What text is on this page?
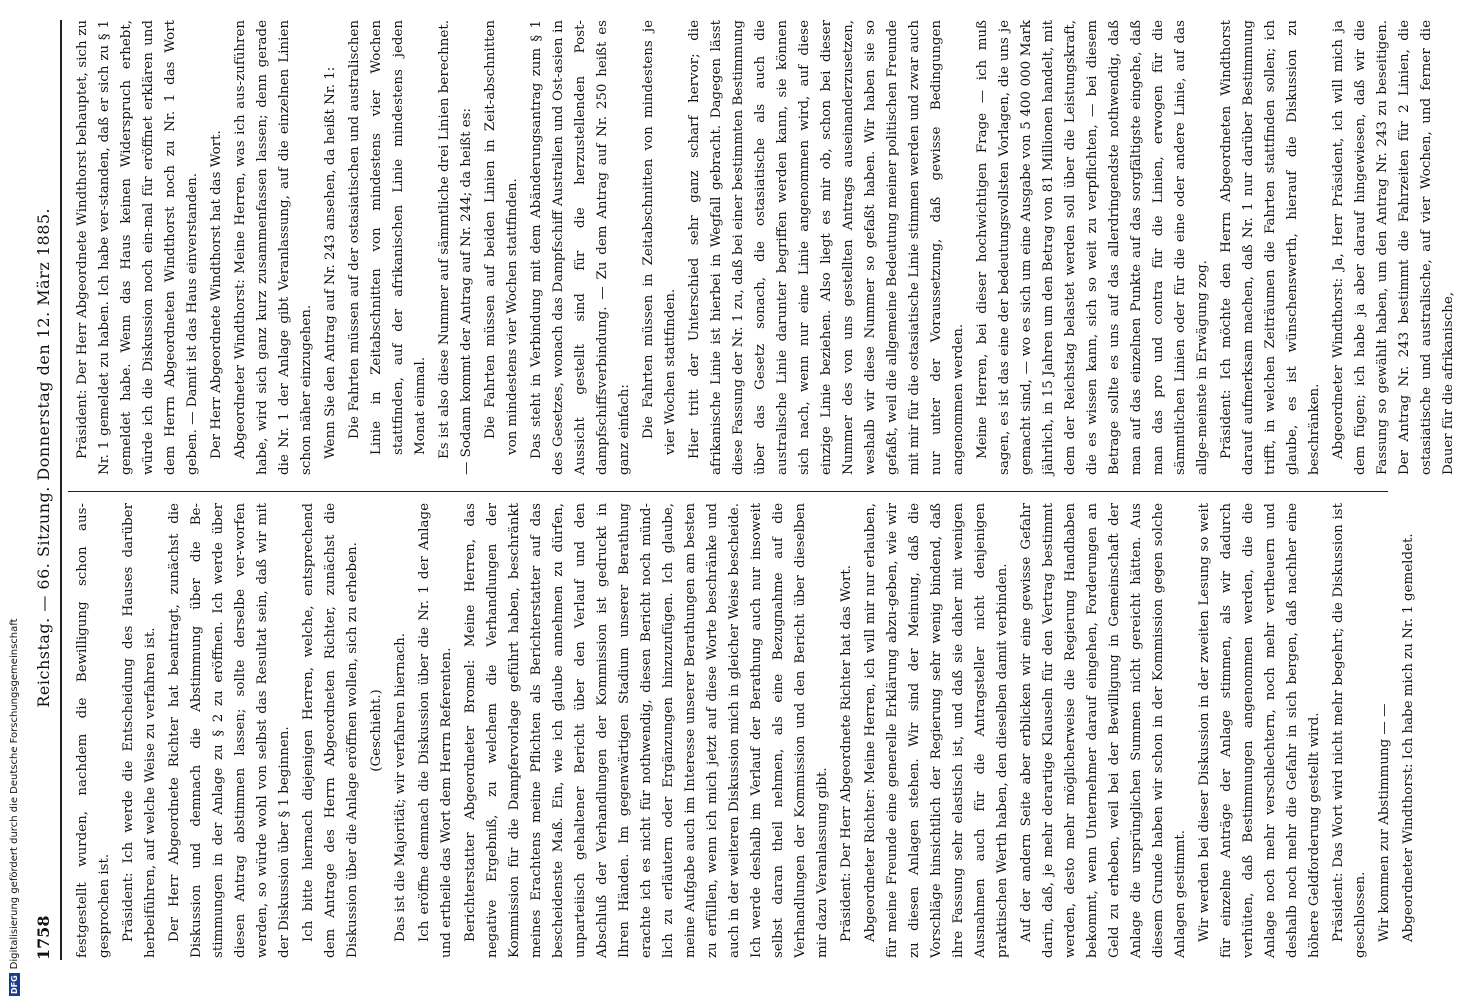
1758
Reichstag. — 66. Sitzung. Donnerstag den 12. März 1885.

festgestellt wurden, nachdem die Bewilligung schon aus-gesprochen ist. Präsident: Ich werde die Entscheidung des Hauses darüber herbeiführen, auf welche Weise zu verfahren ist. Der Herr Abgeordnete Richter hat beantragt, zunächst die Diskussion und demnach die Abstimmung über die Be-stimmungen in der Anlage zu § 2 zu eröffnen. Ich werde über diesen Antrag abstimmen lassen; sollte derselbe ver-worfen werden, so würde wohl von selbst das Resultat sein, daß wir mit der Diskussion über § 1 beginnen. Ich bitte hiernach diejenigen Herren, welche, entsprechend dem Antrage des Herrn Abgeordneten Richter, zunächst die Diskussion über die Anlage eröffnen wollen, sich zu erheben. (Geschieht.) Das ist die Majorität; wir verfahren hiernach. Ich eröffne demnach die Diskussion über die Nr. 1 der Anlage und ertheile das Wort dem Herrn Referenten. Berichterstatter Abgeordneter Bromel: Meine Herren, das negative Ergebniß, zu welchem die Verhandlungen der Kommission für die Dampfervorlage geführt haben, beschränkt meines Erachtens meine Pflichten als Berichterstatter auf das bescheidenste Maß. Ein, wie ich glaube annehmen zu dürfen, unparteiisch gehaltener Bericht über den Verlauf und den Abschluß der Verhandlungen der Kommission ist gedruckt in Ihren Händen. Im gegenwärtigen Stadium unserer Berathung erachte ich es nicht für nothwendig, diesen Bericht noch münd-lich zu erläutern oder Ergänzungen hinzuzufügen. Ich glaube, meine Aufgabe auch im Interesse unserer Berathungen am besten zu erfüllen, wenn ich mich jetzt auf diese Worte beschränke und auch in der weiteren Diskussion mich in gleicher Weise bescheide. Ich werde deshalb im Verlauf der Berathung auch nur insoweit selbst daran theil nehmen, als eine Bezugnahme auf die Verhandlungen der Kommission und den Bericht über dieselben mir dazu Veranlassung gibt. Präsident: Der Herr Abgeordnete Richter hat das Wort. Abgeordneter Richter: Meine Herren, ich will mir nur erlauben, für meine Freunde eine generelle Erklärung abzu-geben, wie wir zu diesen Anlagen stehen. Wir sind der Meinung, daß die Vorschläge hinsichtlich der Regierung sehr wenig bindend, daß ihre Fassung sehr elastisch ist, und daß sie daher mit wenigen Ausnahmen auch für die Antragsteller nicht denjenigen praktischen Werth haben, den dieselben damit verbinden. Auf der andern Seite aber erblicken wir eine gewisse Gefahr darin, daß, je mehr derartige Klauseln für den Vertrag bestimmt werden, desto mehr möglicherweise die Regierung Handhaben bekommt, wenn Unternehmer darauf eingehen, Forderungen an Geld zu erheben, weil bei der Bewilligung in Gemeinschaft der Anlage die ursprünglichen Summen nicht gereicht hätten. Aus diesem Grunde haben wir schon in der Kommission gegen solche Anlagen gestimmt. Wir werden bei dieser Diskussion in der zweiten Lesung so weit für einzelne Anträge der Anlage stimmen, als wir dadurch verhüten, daß Bestimmungen angenommen werden, die die Anlage noch mehr verschlechtern, noch mehr vertheuern und deshalb noch mehr die Gefahr in sich bergen, daß nachher eine höhere Geldforderung gestellt wird. Präsident: Das Wort wird nicht mehr begehrt; die Diskussion ist geschlossen. Wir kommen zur Abstimmung — — Abgeordneter Windthorst: Ich habe mich zu Nr. 1 gemeldet.

Präsident: Der Herr Abgeordnete Windthorst behauptet, sich zu Nr. 1 gemeldet zu haben. Ich habe ver-standen, daß er sich zu § 1 gemeldet habe. Wenn das Haus keinen Widerspruch erhebt, würde ich die Diskussion noch ein-mal für eröffnet erklären und dem Herrn Abgeordneten Windthorst noch zu Nr. 1 das Wort geben. — Damit ist das Haus einverstanden. Der Herr Abgeordnete Windthorst hat das Wort. Abgeordneter Windthorst: Meine Herren, was ich aus-zuführen habe, wird sich ganz kurz zusammenfassen lassen; denn gerade die Nr. 1 der Anlage gibt Veranlassung, auf die einzelnen Linien schon näher einzugehen. Wenn Sie den Antrag auf Nr. 243 ansehen, da heißt Nr. 1: Die Fahrten müssen auf der ostasiatischen und australischen Linie in Zeitabschnitten von mindestens vier Wochen stattfinden, auf der afrikanischen Linie mindestens jeden Monat einmal. Es ist also diese Nummer auf sämmtliche drei Linien berechnet. — Sodann kommt der Antrag auf Nr. 244; da heißt es: Die Fahrten müssen auf beiden Linien in Zeit-abschnitten von mindestens vier Wochen stattfinden. Das steht in Verbindung mit dem Abänderungsantrag zum § 1 des Gesetzes, wonach das Dampfschiff Australien und Ost-asien in Aussicht gestellt sind für die herzustellenden Post-dampfschiffsverbindung. — Zu dem Antrag auf Nr. 250 heißt es ganz einfach: Die Fahrten müssen in Zeitabschnitten von mindestens je vier Wochen stattfinden. Hier tritt der Unterschied sehr ganz scharf hervor; die afrikanische Linie ist hierbei in Wegfall gebracht. Dagegen lässt diese Fassung der Nr. 1 zu, daß bei einer bestimmten Bestimmung über das Gesetz sonach, die ostasiatische als auch die australische Linie darunter begriffen werden kann, sie können sich nach, wenn nur eine Linie angenommen wird, auf diese einzige Linie beziehen. Also liegt es mir ob, schon bei dieser Nummer des von uns gestellten Antrags auseinanderzusetzen, weshalb wir diese Nummer so gefaßt haben. Wir haben sie so gefaßt, weil die allgemeine Bedeutung meiner politischen Freunde mit mir für die ostasiatische Linie stimmen werden und zwar auch nur unter der Voraussetzung, daß gewisse Bedingungen angenommen werden. Meine Herren, bei dieser hochwichtigen Frage — ich muß sagen, es ist das eine der bedeutungsvollsten Vorlagen, die uns je gemacht sind, — wo es sich um eine Ausgabe von 5 400 000 Mark jährlich, in 15 Jahren um den Betrag von 81 Millionen handelt, mit dem der Reichstag belastet werden soll über die Leistungskraft, die es wissen kann, sich so weit zu verpflichten, — bei diesem Betrage sollte es uns auf das allerdringendste nothwendig, daß man auf das einzelnen Punkte auf das sorgfältigste eingehe, daß man das pro und contra für die Linien, erwogen für die sämmtlichen Linien oder für die eine oder andere Linie, auf das allge-meinste in Erwägung zog. Präsident: Ich möchte den Herrn Abgeordneten Windthorst darauf aufmerksam machen, daß Nr. 1 nur darüber Bestimmung trifft, in welchen Zeiträumen die Fahrten stattfinden sollen; ich glaube, es ist wünschenswerth, hierauf die Diskussion zu beschränken. Abgeordneter Windthorst: Ja, Herr Präsident, ich will mich ja dem fügen; ich habe ja aber darauf hingewiesen, daß wir die Fassung so gewählt haben, um den Antrag Nr. 243 zu beseitigen. Der Antrag Nr. 243 bestimmt die Fahrzeiten für 2 Linien, die ostasiatische und australische, auf vier Wochen, und ferner die Dauer für die afrikanische,

DFG
Digitalisierung gefördert durch die Deutsche Forschungsgemeinschaft
